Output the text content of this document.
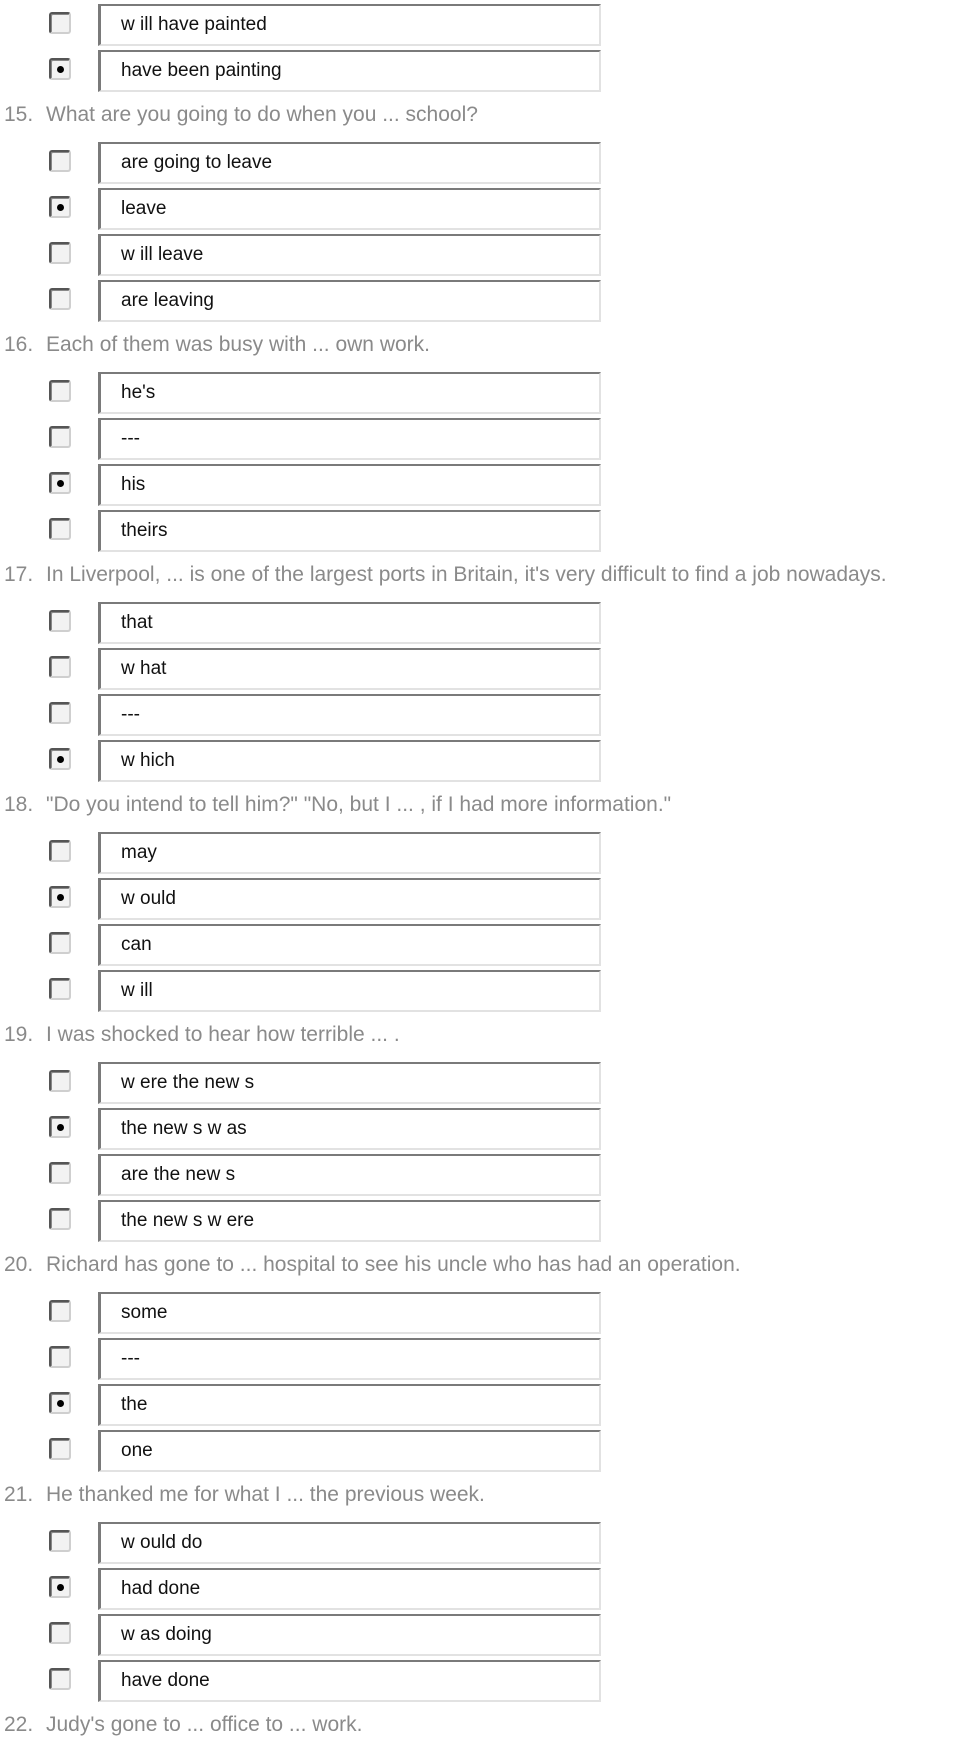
w ill have painted
have been painting
15. What are you going to do when you ... school?
are going to leave
leave
w ill leave
are leaving
16. Each of them was busy with ... own work.
he's
---
his
theirs
17. In Liverpool, ... is one of the largest ports in Britain, it's very difficult to find a job nowadays.
that
w hat
---
w hich
18. "Do you intend to tell him?" "No, but I ... , if I had more information."
may
w ould
can
w ill
19. I was shocked to hear how terrible ... .
w ere the new s
the new s w as
are the new s
the new s w ere
20. Richard has gone to ... hospital to see his uncle who has had an operation.
some
---
the
one
21. He thanked me for what I ... the previous week.
w ould do
had done
w as doing
have done
22. Judy's gone to ... office to ... work.
